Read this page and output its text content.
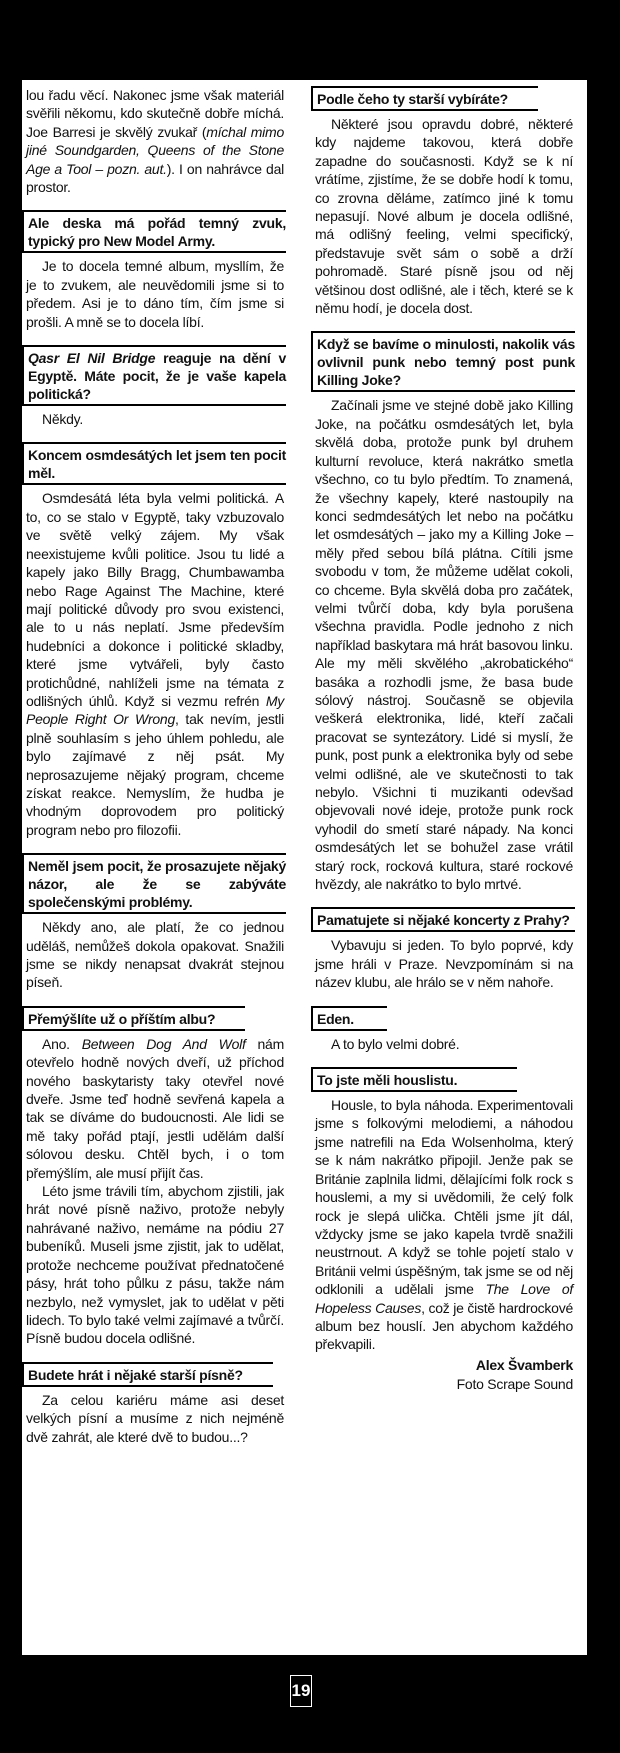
lou řadu věcí. Nakonec jsme však materiál svěřili někomu, kdo skutečně dobře míchá. Joe Barresi je skvělý zvukař (míchal mimo jiné Soundgarden, Queens of the Stone Age a Tool – pozn. aut.). I on nahrávce dal prostor.

Ale deska má pořád temný zvuk, typický pro New Model Army.

Je to docela temné album, mysllím, že je to zvukem, ale neuvědomili jsme si to předem. Asi je to dáno tím, čím jsme si prošli. A mně se to docela líbí.

Qasr El Nil Bridge reaguje na dění v Egyptě. Máte pocit, že je vaše kapela politická?

Někdy.

Koncem osmdesátých let jsem ten pocit měl.

Osmdesátá léta byla velmi politická. A to, co se stalo v Egyptě, taky vzbuzovalo ve světě velký zájem. My však neexistujeme kvůli politice. Jsou tu lidé a kapely jako Billy Bragg, Chumbawamba nebo Rage Against The Machine, které mají politické důvody pro svou existenci, ale to u nás neplatí. Jsme především hudebníci a dokonce i politické skladby, které jsme vytvářeli, byly často protichůdné, nahlíželi jsme na témata z odlišných úhlů. Když si vezmu refrén My People Right Or Wrong, tak nevím, jestli plně souhlasím s jeho úhlem pohledu, ale bylo zajímavé z něj psát. My neprosazujeme nějaký program, chceme získat reakce. Nemyslím, že hudba je vhodným doprovodem pro politický program nebo pro filozofii.

Neměl jsem pocit, že prosazujete nějaký názor, ale že se zabýváte společenskými problémy.

Někdy ano, ale platí, že co jednou uděláš, nemůžeš dokola opakovat. Snažili jsme se nikdy nenapsat dvakrát stejnou píseň.

Přemýšlíte už o příštím albu?

Ano. Between Dog And Wolf nám otevřelo hodně nových dveří, už příchod nového baskytaristy taky otevřel nové dveře. Jsme teď hodně sevřená kapela a tak se díváme do budoucnosti. Ale lidi se mě taky pořád ptají, jestli udělám další sólovou desku. Chtěl bych, i o tom přemýšlím, ale musí přijít čas.

Léto jsme trávili tím, abychom zjistili, jak hrát nové písně naživo, protože nebyly nahrávané naživo, nemáme na pódiu 27 bubeníků. Museli jsme zjistit, jak to udělat, protože nechceme používat přednatočené pásy, hrát toho půlku z pásu, takže nám nezbylo, než vymyslet, jak to udělat v pěti lidech. To bylo také velmi zajímavé a tvůrčí. Písně budou docela odlišné.

Budete hrát i nějaké starší písně?

Za celou kariéru máme asi deset velkých písní a musíme z nich nejméně dvě zahrát, ale které dvě to budou...?

Podle čeho ty starší vybíráte?

Některé jsou opravdu dobré, některé kdy najdeme takovou, která dobře zapadne do současnosti. Když se k ní vrátíme, zjistíme, že se dobře hodí k tomu, co zrovna děláme, zatímco jiné k tomu nepasují. Nové album je docela odlišné, má odlišný feeling, velmi specifický, představuje svět sám o sobě a drží pohromadě. Staré písně jsou od něj většinou dost odlišné, ale i těch, které se k němu hodí, je docela dost.

Když se bavíme o minulosti, nakolik vás ovlivnil punk nebo temný post punk Killing Joke?

Začínali jsme ve stejné době jako Killing Joke, na počátku osmdesátých let, byla skvělá doba, protože punk byl druhem kulturní revoluce, která nakrátko smetla všechno, co tu bylo předtím. To znamená, že všechny kapely, které nastoupily na konci sedmdesátých let nebo na počátku let osmdesátých – jako my a Killing Joke – měly před sebou bílá plátna. Cítili jsme svobodu v tom, že můžeme udělat cokoli, co chceme. Byla skvělá doba pro začátek, velmi tvůrčí doba, kdy byla porušena všechna pravidla. Podle jednoho z nich například baskytara má hrát basovou linku. Ale my měli skvělého „akrobatického“ basáka a rozhodli jsme, že basa bude sólový nástroj. Současně se objevila veškerá elektronika, lidé, kteří začali pracovat se syntezátory. Lidé si myslí, že punk, post punk a elektronika byly od sebe velmi odlišné, ale ve skutečnosti to tak nebylo. Všichni ti muzikanti odevšad objevovali nové ideje, protože punk rock vyhodil do smetí staré nápady. Na konci osmdesátých let se bohužel zase vrátil starý rock, rocková kultura, staré rockové hvězdy, ale nakrátko to bylo mrtvé.

Pamatujete si nějaké koncerty z Prahy?

Vybavuju si jeden. To bylo poprvé, kdy jsme hráli v Praze. Nevzpomínám si na název klubu, ale hrálo se v něm nahoře.

Eden.

A to bylo velmi dobré.

To jste měli houslistu.

Housle, to byla náhoda. Experimentovali jsme s folkovými melodiemi, a náhodou jsme natrefili na Eda Wolsenholma, který se k nám nakrátko připojil. Jenže pak se Británie zaplnila lidmi, dělajícími folk rock s houslemi, a my si uvědomili, že celý folk rock je slepá ulička. Chtěli jsme jít dál, vždycky jsme se jako kapela tvrdě snažili neustrnout. A když se tohle pojetí stalo v Británii velmi úspěšným, tak jsme se od něj odklonili a udělali jsme The Love of Hopeless Causes, což je čistě hardrockové album bez houslí. Jen abychom každého překvapili.

Alex Švamberk
Foto Scrape Sound
19
